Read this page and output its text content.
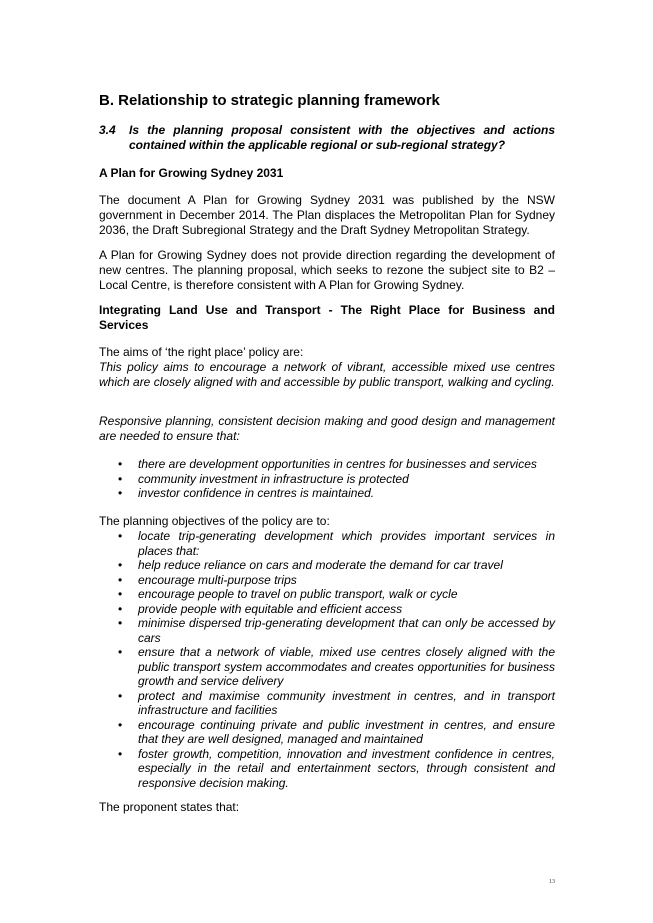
B. Relationship to strategic planning framework
3.4	Is the planning proposal consistent with the objectives and actions contained within the applicable regional or sub-regional strategy?
A Plan for Growing Sydney 2031

The document A Plan for Growing Sydney 2031 was published by the NSW government in December 2014. The Plan displaces the Metropolitan Plan for Sydney 2036, the Draft Subregional Strategy and the Draft Sydney Metropolitan Strategy.

A Plan for Growing Sydney does not provide direction regarding the development of new centres. The planning proposal, which seeks to rezone the subject site to B2 – Local Centre, is therefore consistent with A Plan for Growing Sydney.

Integrating Land Use and Transport - The Right Place for Business and Services

The aims of ‘the right place’ policy are:

This policy aims to encourage a network of vibrant, accessible mixed use centres which are closely aligned with and accessible by public transport, walking and cycling.

Responsive planning, consistent decision making and good design and management are needed to ensure that:

• there are development opportunities in centres for businesses and services
• community investment in infrastructure is protected
• investor confidence in centres is maintained.

The planning objectives of the policy are to:

• locate trip-generating development which provides important services in places that:
• help reduce reliance on cars and moderate the demand for car travel
• encourage multi-purpose trips
• encourage people to travel on public transport, walk or cycle
• provide people with equitable and efficient access
• minimise dispersed trip-generating development that can only be accessed by cars
• ensure that a network of viable, mixed use centres closely aligned with the public transport system accommodates and creates opportunities for business growth and service delivery
• protect and maximise community investment in centres, and in transport infrastructure and facilities
• encourage continuing private and public investment in centres, and ensure that they are well designed, managed and maintained
• foster growth, competition, innovation and investment confidence in centres, especially in the retail and entertainment sectors, through consistent and responsive decision making.

The proponent states that:

13
